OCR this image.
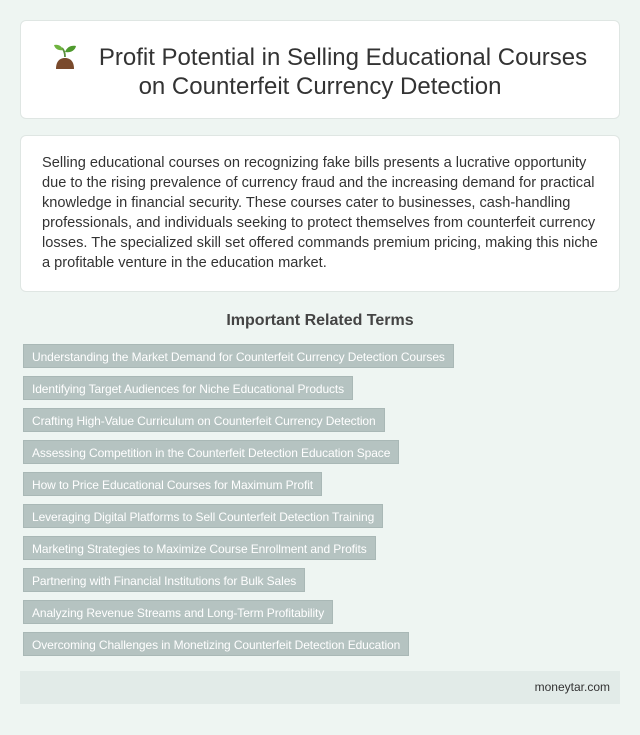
Profit Potential in Selling Educational Courses
on Counterfeit Currency Detection

Selling educational courses on recognizing fake bills presents a lucrative opportunity due to the rising prevalence of currency fraud and the increasing demand for practical knowledge in financial security. These courses cater to businesses, cash-handling professionals, and individuals seeking to protect themselves from counterfeit currency losses. The specialized skill set offered commands premium pricing, making this niche a profitable venture in the education market.

Important Related Terms
Understanding the Market Demand for Counterfeit Currency Detection Courses
Identifying Target Audiences for Niche Educational Products
Crafting High-Value Curriculum on Counterfeit Currency Detection
Assessing Competition in the Counterfeit Detection Education Space
How to Price Educational Courses for Maximum Profit
Leveraging Digital Platforms to Sell Counterfeit Detection Training
Marketing Strategies to Maximize Course Enrollment and Profits
Partnering with Financial Institutions for Bulk Sales
Analyzing Revenue Streams and Long-Term Profitability
Overcoming Challenges in Monetizing Counterfeit Detection Education
moneytar.com
